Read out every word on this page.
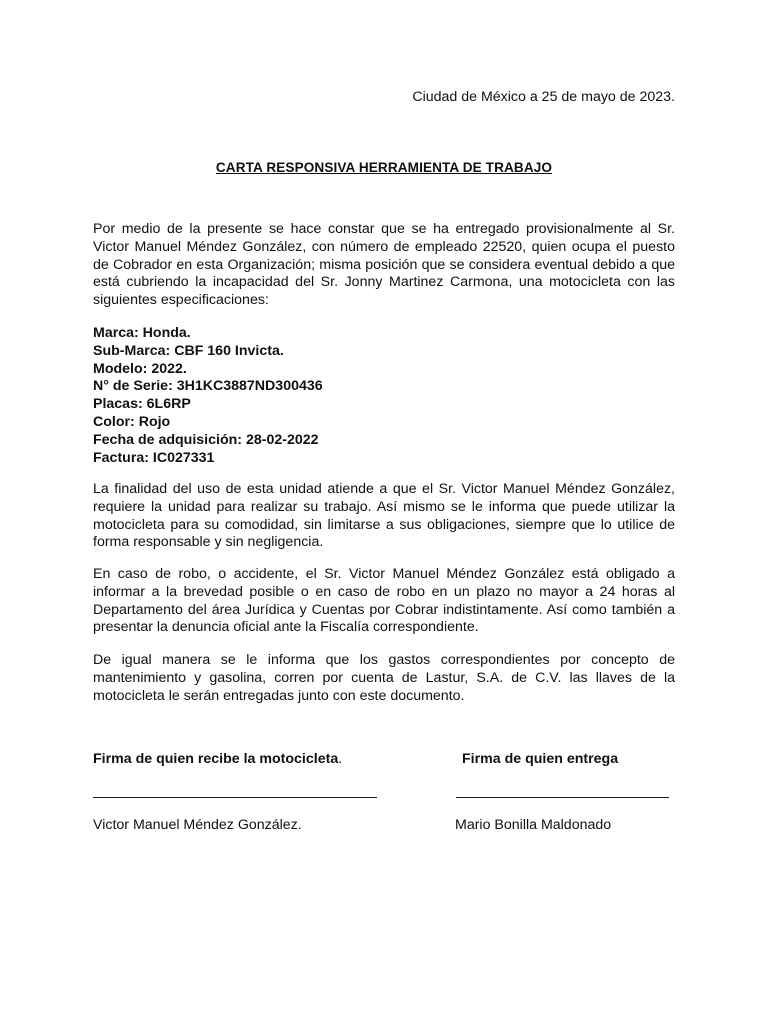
Ciudad de México a 25 de mayo de 2023.
CARTA RESPONSIVA HERRAMIENTA DE TRABAJO
Por medio de la presente se hace constar que se ha entregado provisionalmente al Sr. Victor Manuel Méndez González, con número de empleado 22520, quien ocupa el puesto de Cobrador en esta Organización; misma posición que se considera eventual debido a que está cubriendo la incapacidad del Sr. Jonny Martinez Carmona, una motocicleta con las siguientes especificaciones:
Marca: Honda.
Sub-Marca: CBF 160 Invicta.
Modelo: 2022.
N° de Serie: 3H1KC3887ND300436
Placas: 6L6RP
Color: Rojo
Fecha de adquisición: 28-02-2022
Factura: IC027331
La finalidad del uso de esta unidad atiende a que el Sr. Victor Manuel Méndez González, requiere la unidad para realizar su trabajo. Así mismo se le informa que puede utilizar la motocicleta para su comodidad, sin limitarse a sus obligaciones, siempre que lo utilice de forma responsable y sin negligencia.
En caso de robo, o accidente, el Sr. Victor Manuel Méndez González está obligado a informar a la brevedad posible o en caso de robo en un plazo no mayor a 24 horas al Departamento del área Jurídica y Cuentas por Cobrar indistintamente. Así como también a presentar la denuncia oficial ante la Fiscalía correspondiente.
De igual manera se le informa que los gastos correspondientes por concepto de mantenimiento y gasolina, corren por cuenta de Lastur, S.A. de C.V. las llaves de la motocicleta le serán entregadas junto con este documento.
Firma de quien recibe la motocicleta.	Firma de quien entrega
Victor Manuel Méndez González.	Mario Bonilla Maldonado
